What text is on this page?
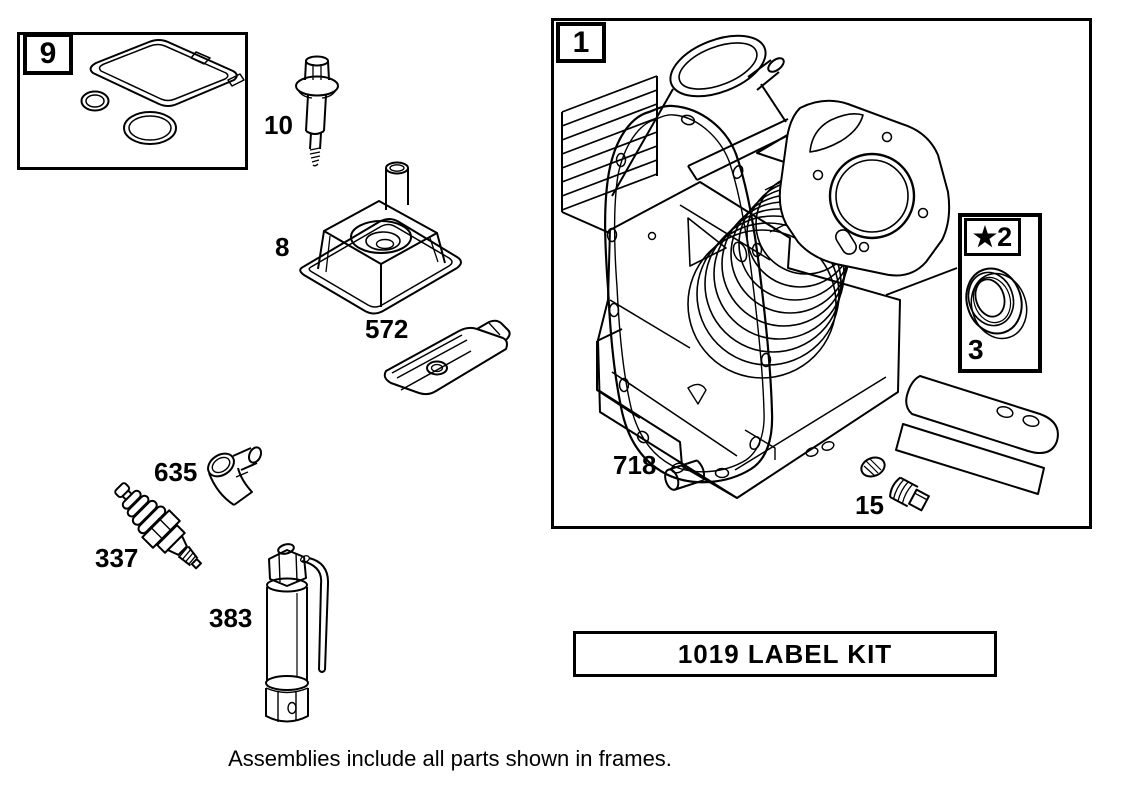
9	1
★2
10
8
572
635
337
383
718
15
3
1019 LABEL KIT
Assemblies include all parts shown in frames.
